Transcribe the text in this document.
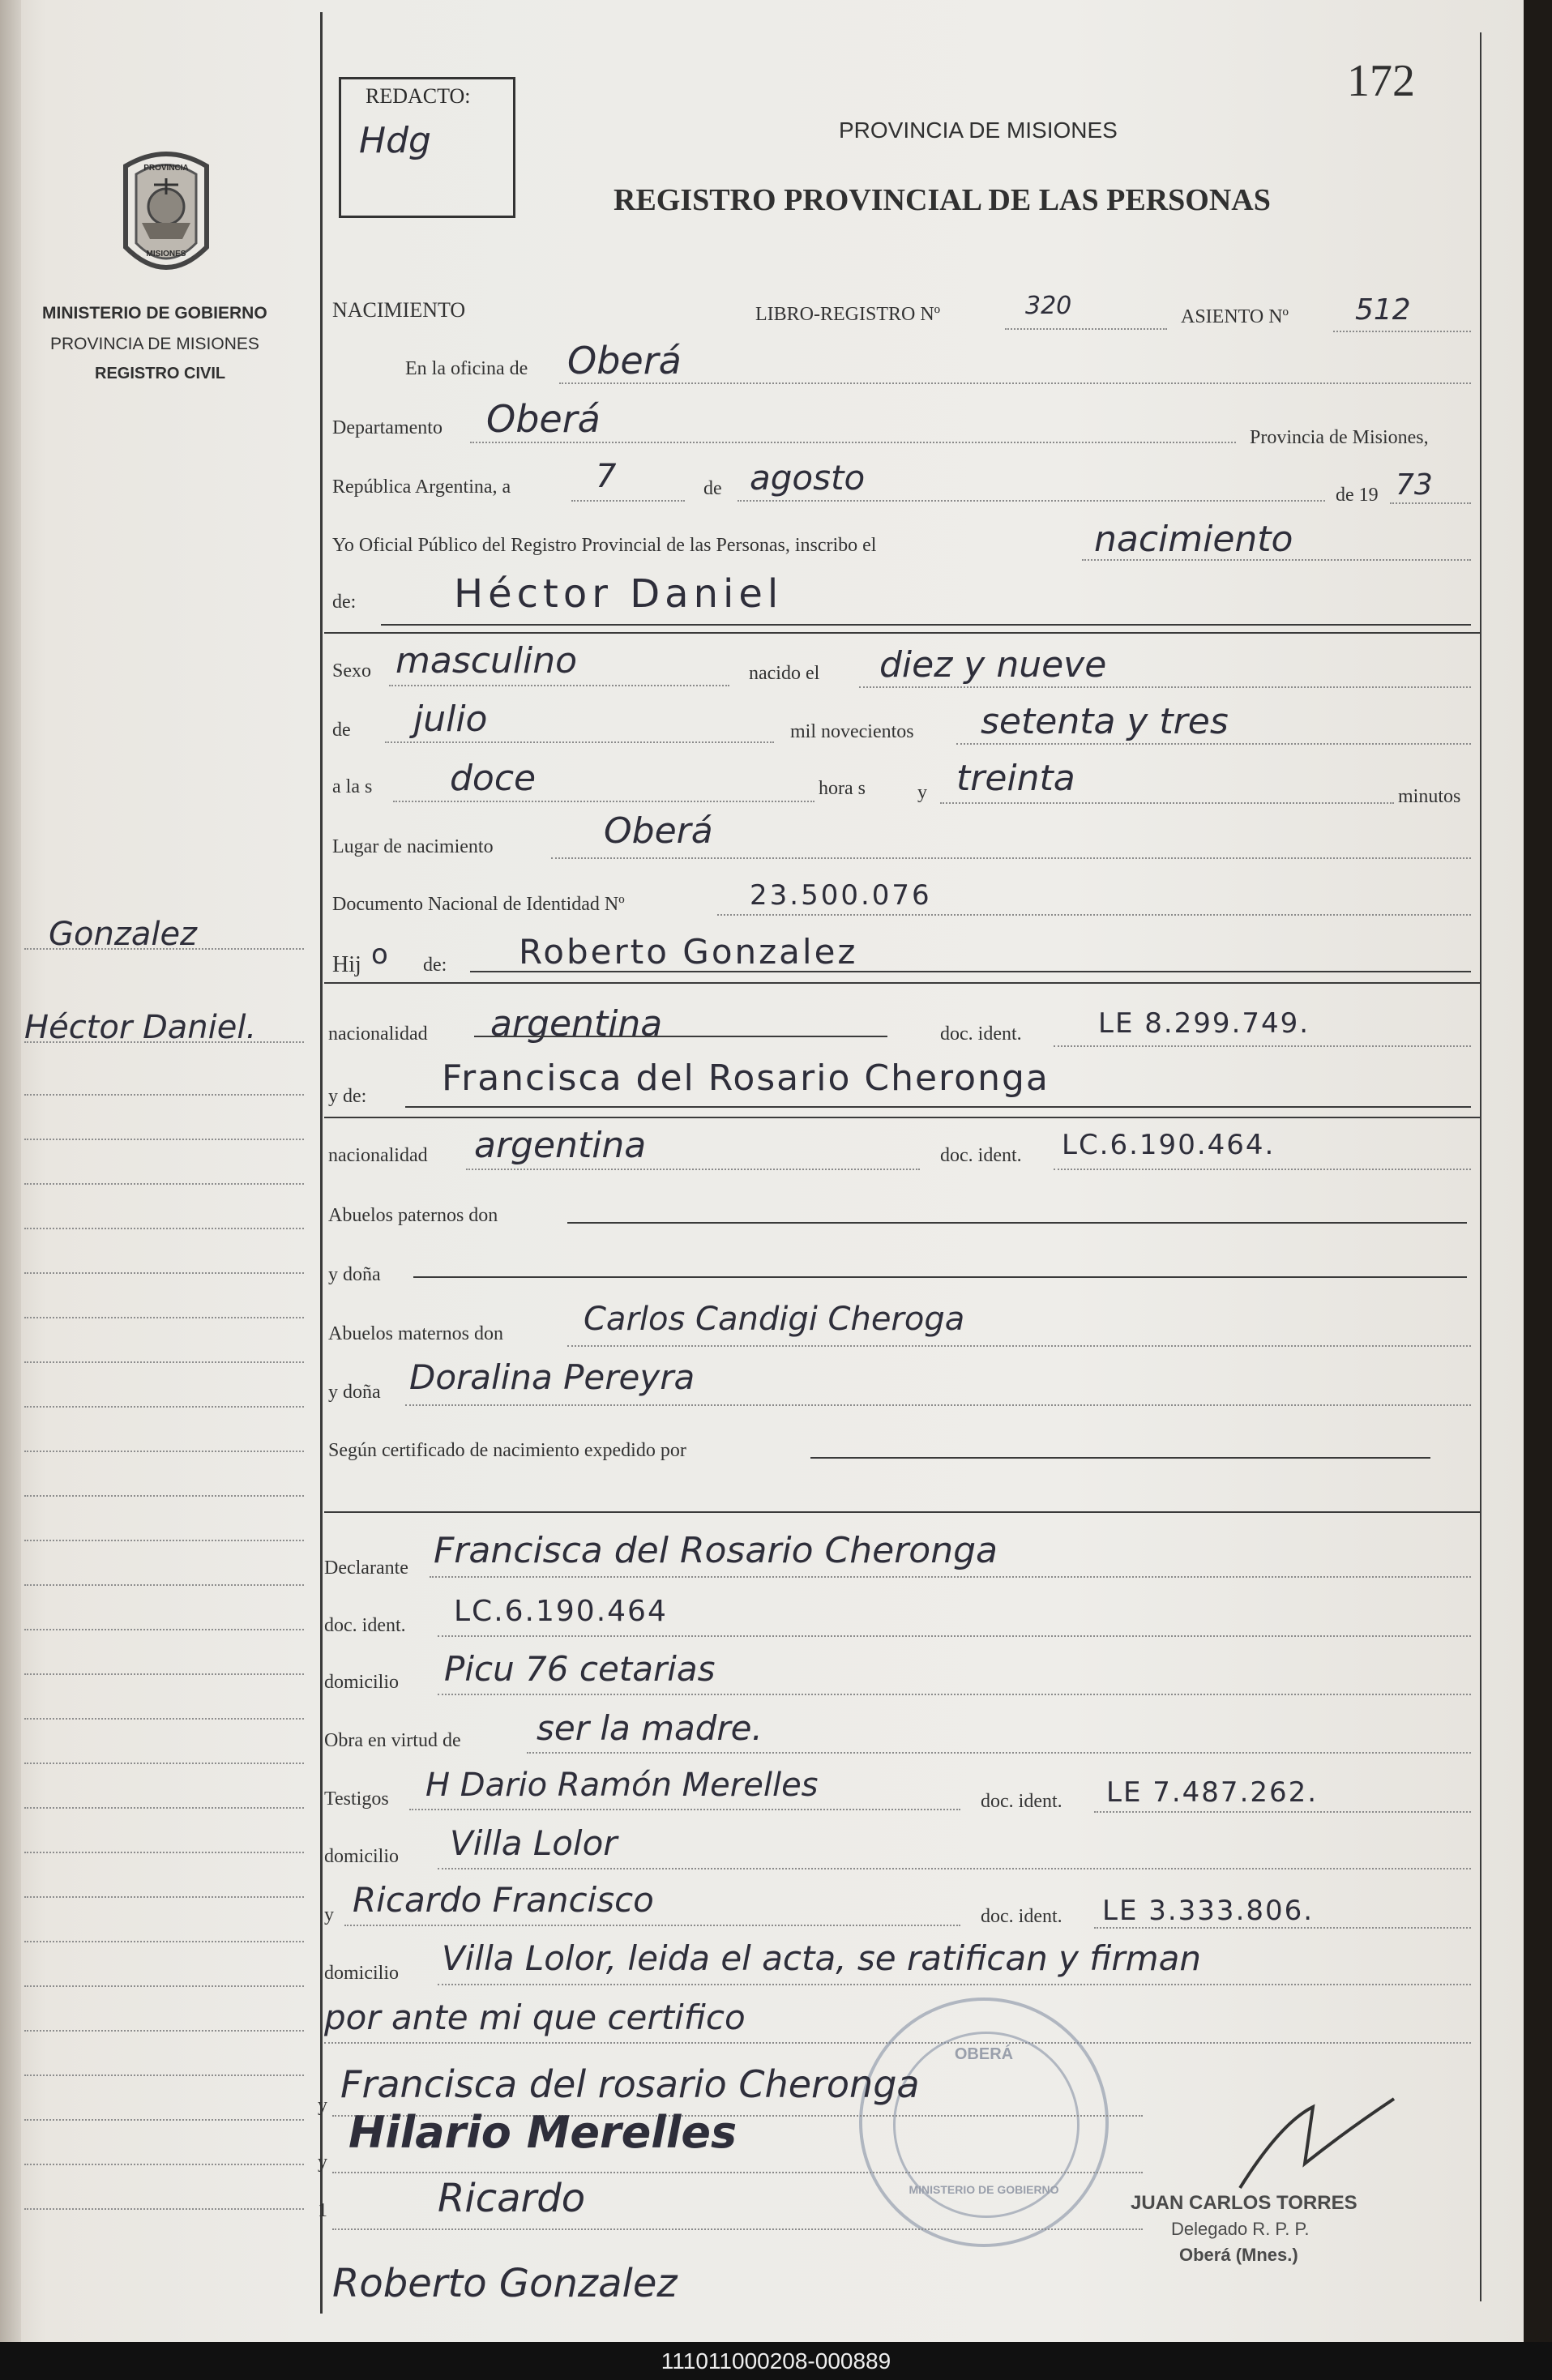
PROVINCIA
MISIONES
MINISTERIO DE GOBIERNO
PROVINCIA DE MISIONES
REGISTRO CIVIL
Gonzalez
Héctor Daniel.
REDACTO:
Hdg
172
PROVINCIA DE MISIONES
REGISTRO PROVINCIAL DE LAS PERSONAS
NACIMIENTO	LIBRO-REGISTRO Nº	320	ASIENTO Nº 512
En la oficina de Oberá
Departamento Oberá	Provincia de Misiones,
República Argentina, a	7	de agosto	de 19 73
Yo Oficial Público del Registro Provincial de las Personas, inscribo el	nacimiento
de:	Héctor Daniel
Sexo masculino	nacido el diez y nueve
de julio	mil novecientos setenta y tres
a la s doce	hora s	y treinta	minutos
Lugar de nacimiento	Oberá
Documento Nacional de Identidad Nº	23.500.076
Hij o de: Roberto Gonzalez
nacionalidad argentina	doc. ident.	LE 8.299.749.
y de: Francisca del Rosario Cheronga
nacionalidad argentina	doc. ident. LC.6.190.464.
Abuelos paternos don
y doña
Abuelos maternos don Carlos Candigi Cheroga
y doña Doralina Pereyra
Según certificado de nacimiento expedido por
Declarante Francisca del Rosario Cheronga
doc. ident. LC.6.190.464
domicilio Picu 76 cetarias
Obra en virtud de ser la madre.
Testigos H Dario Ramón Merelles	doc. ident. LE 7.487.262.
domicilio Villa Lolor
y Ricardo Francisco	doc. ident. LE 3.333.806.
domicilio Villa Lolor, leida el acta, se ratifican y firman
por ante mi que certifico
OBERÁ
MINISTERIO DE GOBIERNO
y Francisca del rosario Cheronga
y
Hilario Merelles
1	Ricardo
Roberto Gonzalez
JUAN CARLOS TORRES
Delegado R. P. P.
Oberá (Mnes.)
111011000208-000889
